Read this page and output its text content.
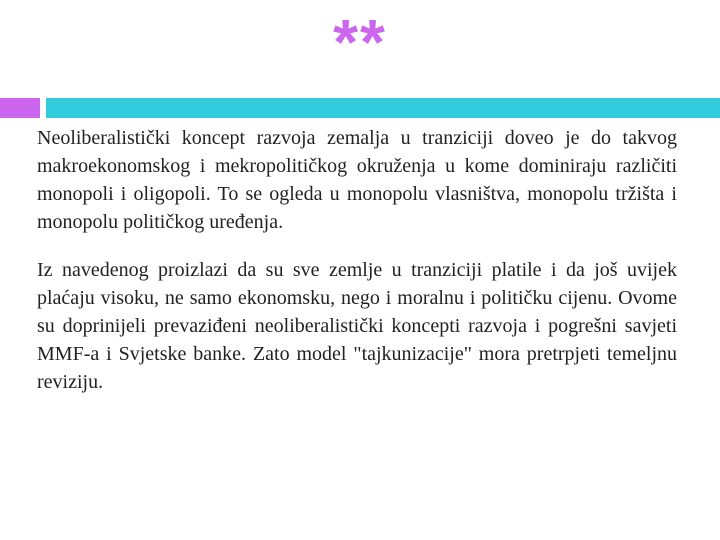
**

Neoliberalistički koncept razvoja zemalja u tranziciji doveo je do takvog makroekonomskog i mekropolitičkog okruženja u kome dominiraju različiti monopoli i oligopoli. To se ogleda u monopolu vlasništva, monopolu tržišta i monopolu političkog uređenja.

Iz navedenog proizlazi da su sve zemlje u tranziciji platile i da još uvijek plaćaju visoku, ne samo ekonomsku, nego i moralnu i političku cijenu. Ovome su doprinijeli prevaziđeni neoliberalistički koncepti razvoja i pogrešni savjeti MMF-a i Svjetske banke. Zato model "tajkunizacije" mora pretrpjeti temeljnu reviziju.
